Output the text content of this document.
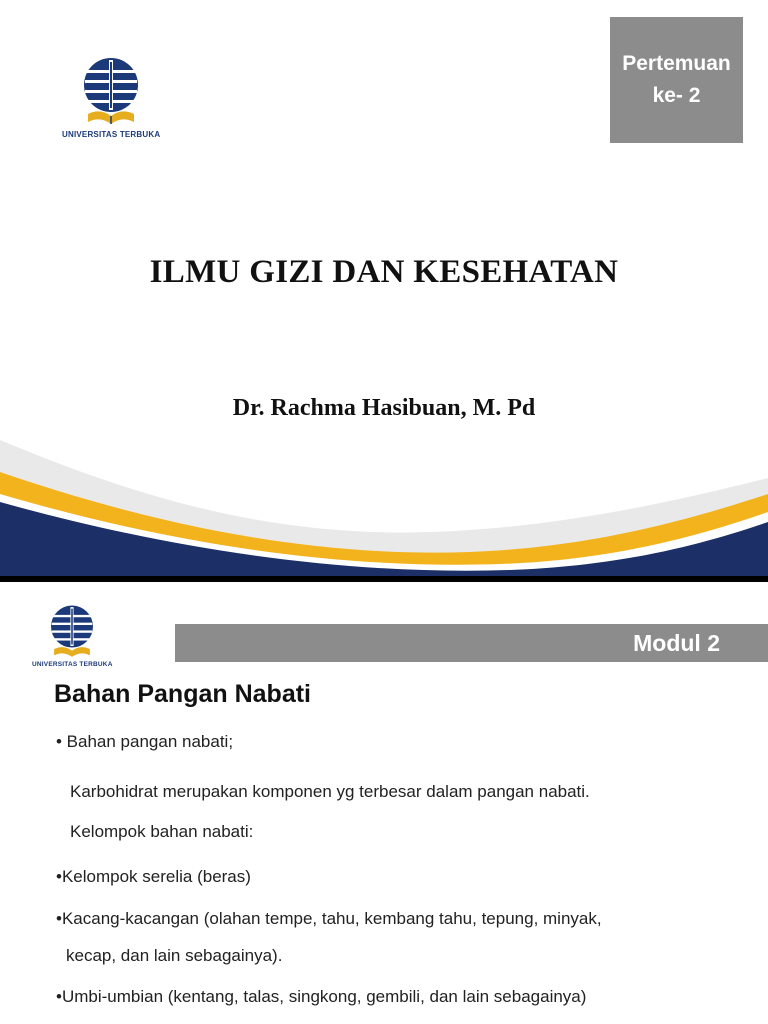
UNIVERSITAS TERBUKA
Pertemuan
ke- 2
ILMU GIZI DAN KESEHATAN
Dr. Rachma Hasibuan, M. Pd
UNIVERSITAS TERBUKA
Modul 2
Bahan Pangan Nabati

• Bahan pangan nabati;

Karbohidrat merupakan komponen yg terbesar dalam pangan nabati.

Kelompok bahan nabati:

•Kelompok serelia (beras)

•Kacang-kacangan (olahan tempe, tahu, kembang tahu, tepung, minyak,

kecap, dan lain sebagainya).

•Umbi-umbian (kentang, talas, singkong, gembili, dan lain sebagainya)
